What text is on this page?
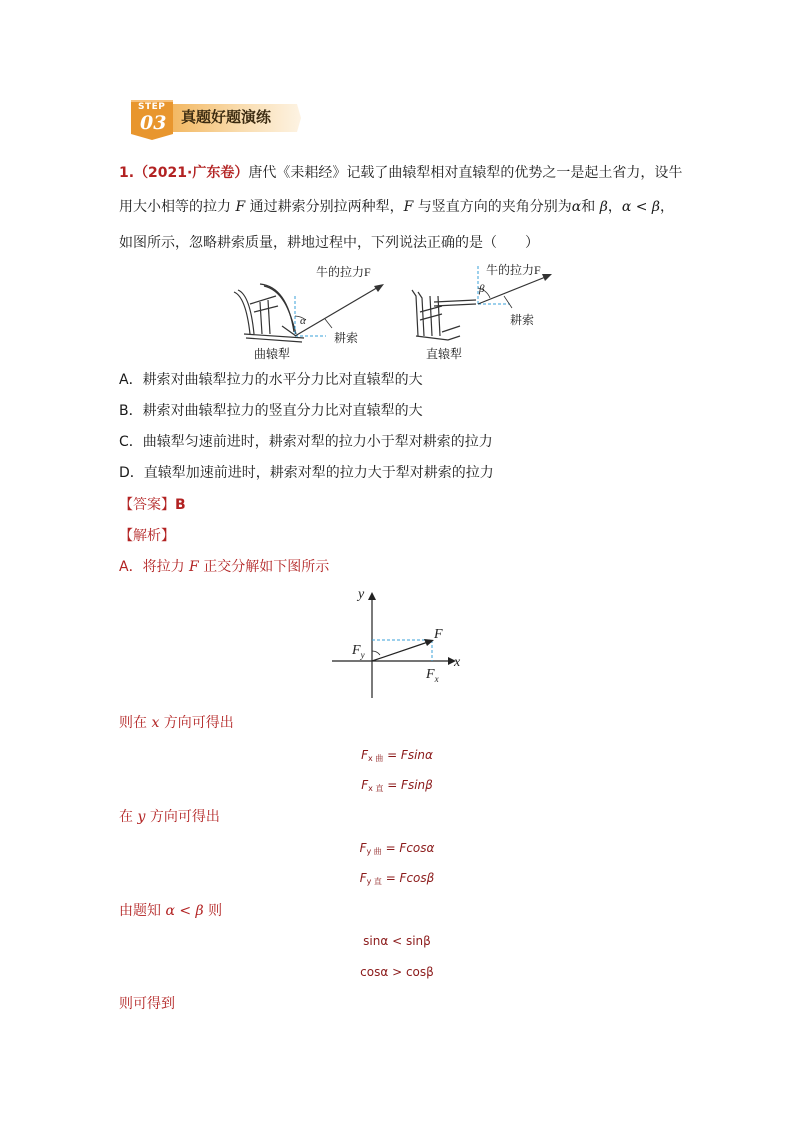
STEP
03 真题好题演练
1.（2021·广东卷）唐代《耒耜经》记载了曲辕犁相对直辕犁的优势之一是起土省力，设牛
用大小相等的拉力 F 通过耕索分别拉两种犁，F 与竖直方向的夹角分别为α和 β，α < β，
如图所示，忽略耕索质量，耕地过程中，下列说法正确的是（　　）
牛的拉力F
α
耕索
曲辕犁
牛的拉力F
β
耕索
直辕犁
A．耕索对曲辕犁拉力的水平分力比对直辕犁的大
B．耕索对曲辕犁拉力的竖直分力比对直辕犁的大
C．曲辕犁匀速前进时，耕索对犁的拉力小于犁对耕索的拉力
D．直辕犁加速前进时，耕索对犁的拉力大于犁对耕索的拉力
【答案】B
【解析】
A．将拉力 F 正交分解如下图所示
y
x
F
$F_y$
$F_x$
则在 x 方向可得出
Fx 曲 = Fsinα
Fx 直 = Fsinβ
在 y 方向可得出
Fy 曲 = Fcosα
Fy 直 = Fcosβ
由题知 α < β 则
sinα < sinβ
cosα > cosβ
则可得到
